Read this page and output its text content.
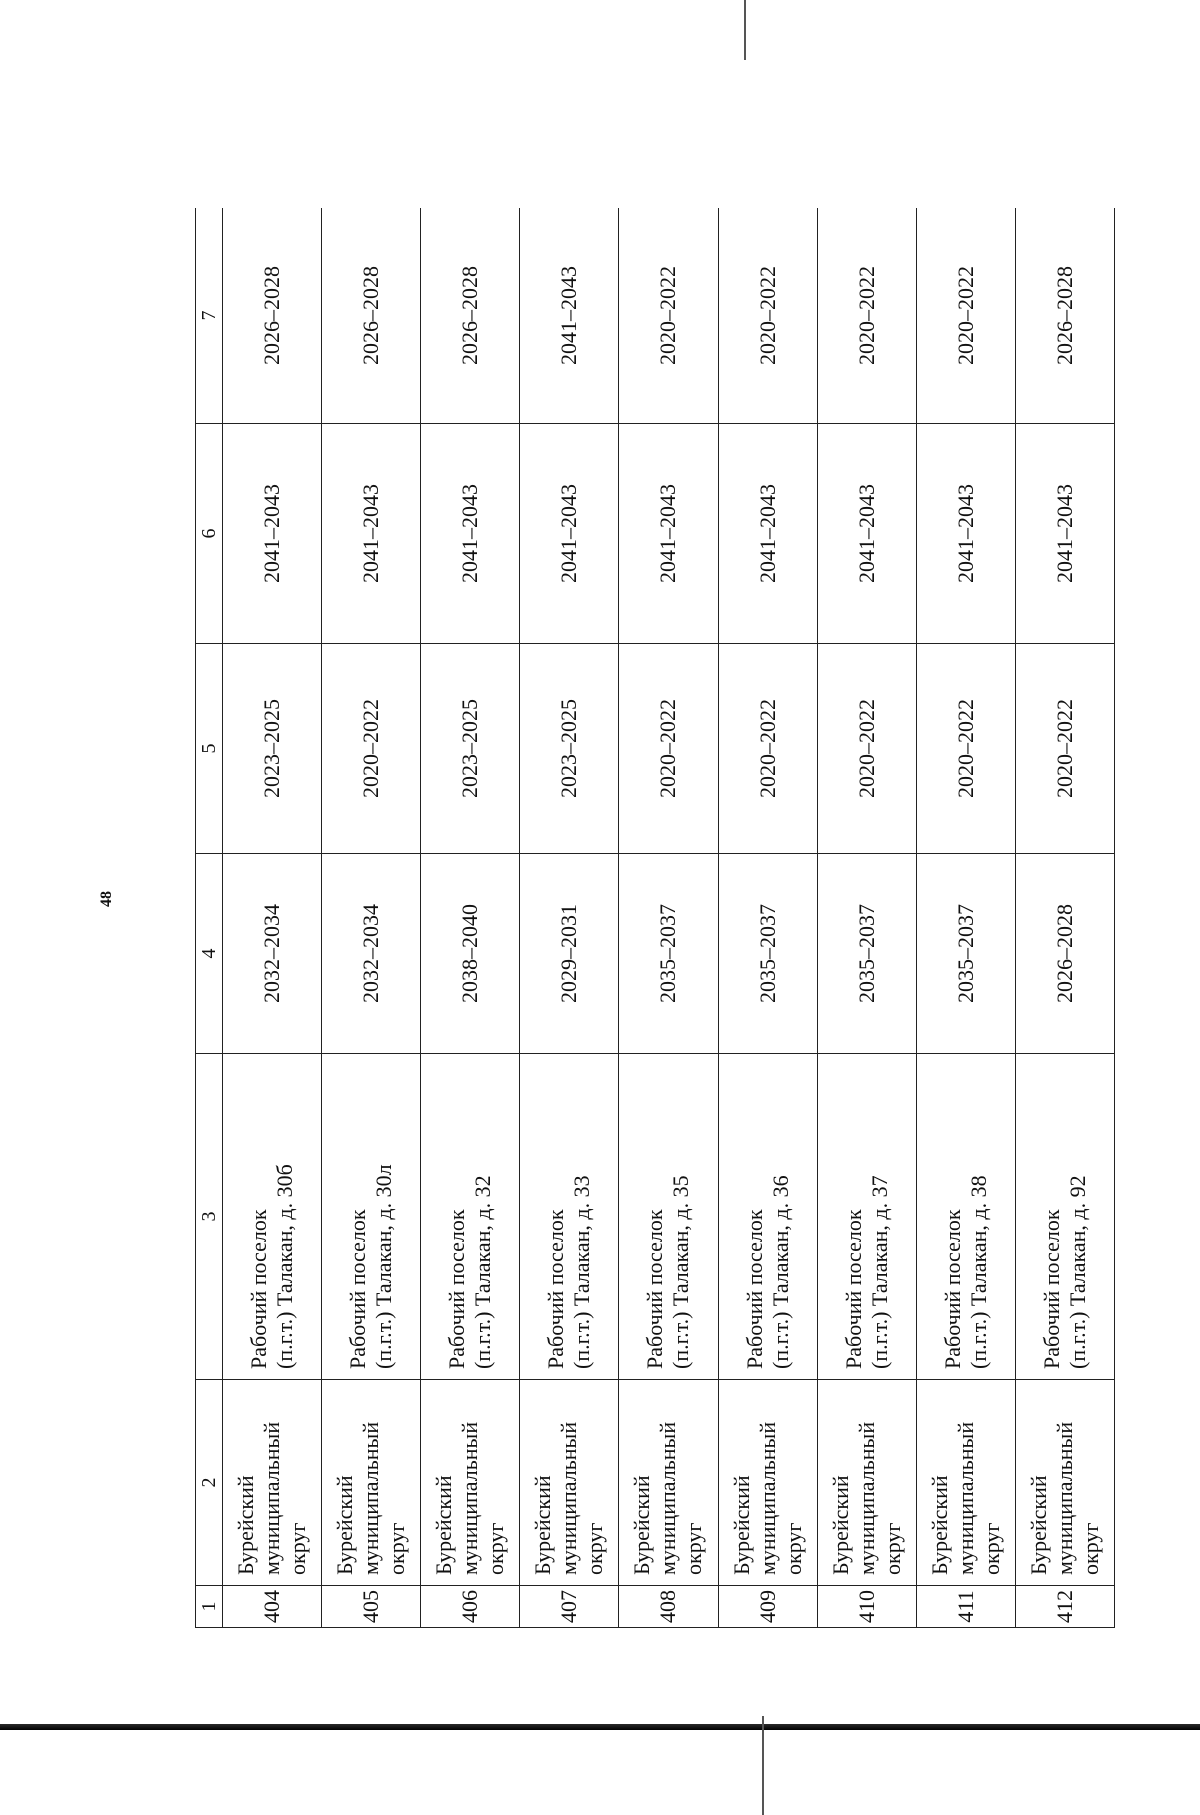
48
1	2	3	4	5	6	7
404	Бурейский муниципальный округ	Рабочий поселок (п.г.т.) Талакан, д. 30б	2032–2034	2023–2025	2041–2043	2026–2028
405	Бурейский муниципальный округ	Рабочий поселок (п.г.т.) Талакан, д. 30л	2032–2034	2020–2022	2041–2043	2026–2028
406	Бурейский муниципальный округ	Рабочий поселок (п.г.т.) Талакан, д. 32	2038–2040	2023–2025	2041–2043	2026–2028
407	Бурейский муниципальный округ	Рабочий поселок (п.г.т.) Талакан, д. 33	2029–2031	2023–2025	2041–2043	2041–2043
408	Бурейский муниципальный округ	Рабочий поселок (п.г.т.) Талакан, д. 35	2035–2037	2020–2022	2041–2043	2020–2022
409	Бурейский муниципальный округ	Рабочий поселок (п.г.т.) Талакан, д. 36	2035–2037	2020–2022	2041–2043	2020–2022
410	Бурейский муниципальный округ	Рабочий поселок (п.г.т.) Талакан, д. 37	2035–2037	2020–2022	2041–2043	2020–2022
411	Бурейский муниципальный округ	Рабочий поселок (п.г.т.) Талакан, д. 38	2035–2037	2020–2022	2041–2043	2020–2022
412	Бурейский муниципальный округ	Рабочий поселок (п.г.т.) Талакан, д. 92	2026–2028	2020–2022	2041–2043	2026–2028
